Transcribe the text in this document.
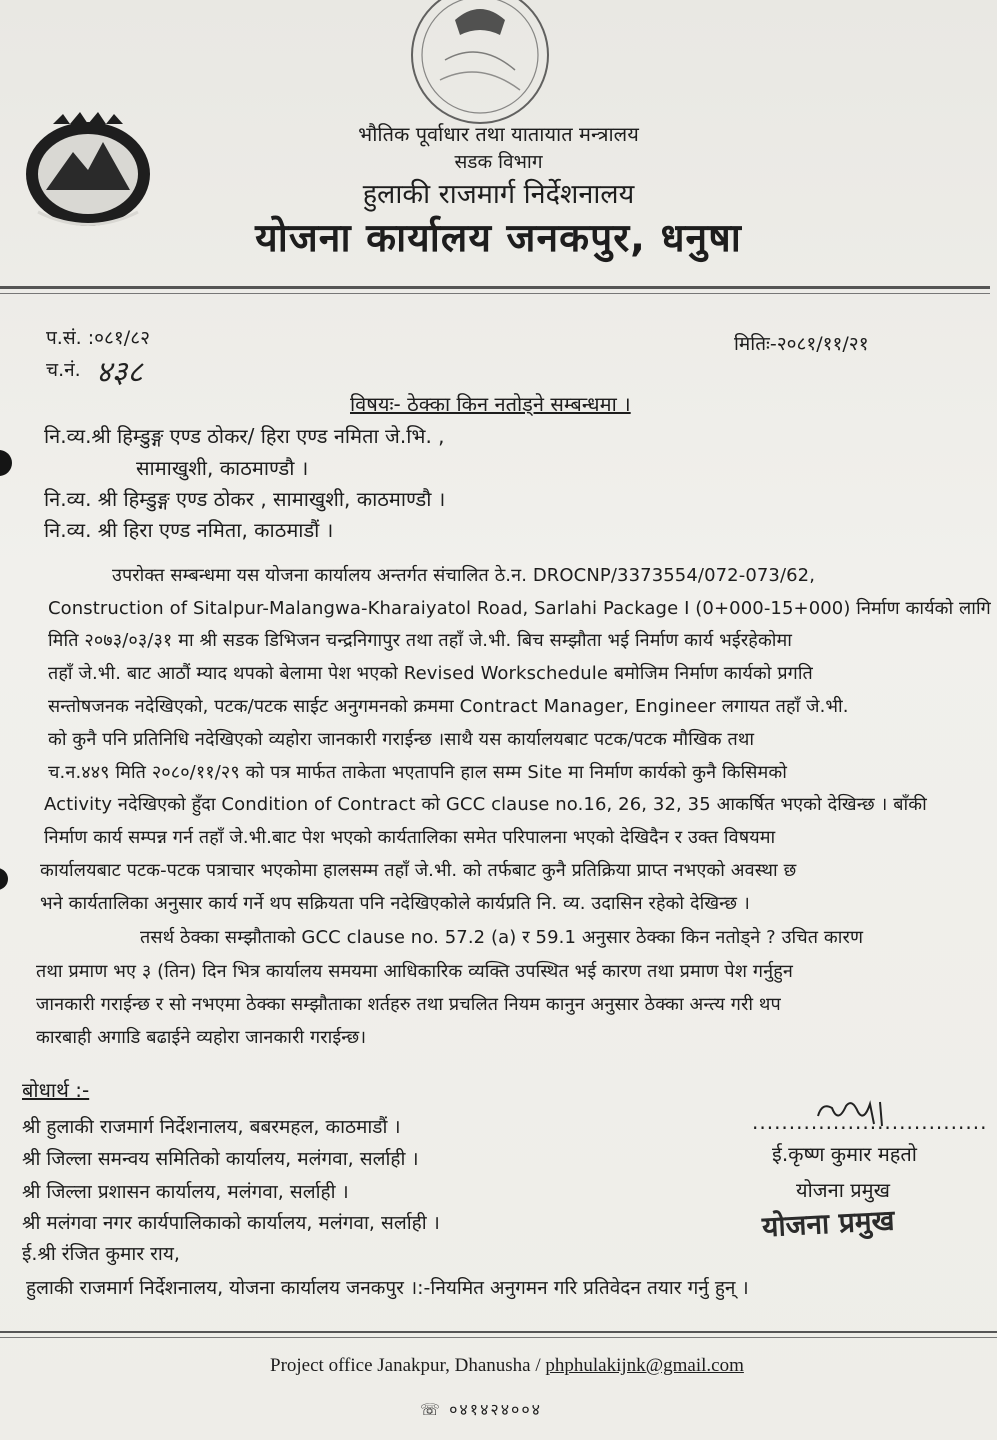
भौतिक पूर्वाधार तथा यातायात मन्त्रालय
सडक विभाग
हुलाकी राजमार्ग निर्देशनालय
योजना कार्यालय जनकपुर, धनुषा
प.सं. :०८१/८२
च.नं. ४३८
मितिः-२०८१/११/२१
विषयः- ठेक्का किन नतोड्ने सम्बन्धमा ।
नि.व्य.श्री हिम्डुङ्ग एण्ड ठोकर/ हिरा एण्ड नमिता जे.भि. ,
सामाखुशी, काठमाण्डौ ।
नि.व्य. श्री हिम्डुङ्ग एण्ड ठोकर , सामाखुशी, काठमाण्डौ ।
नि.व्य. श्री हिरा एण्ड नमिता, काठमाडौं ।
उपरोक्त सम्बन्धमा यस योजना कार्यालय अन्तर्गत संचालित ठे.न. DROCNP/3373554/072-073/62,
Construction of Sitalpur-Malangwa-Kharaiyatol Road, Sarlahi Package I (0+000-15+000) निर्माण कार्यको लागि
मिति २०७३/०३/३१ मा श्री सडक डिभिजन चन्द्रनिगापुर तथा तहाँ जे.भी. बिच सम्झौता भई निर्माण कार्य भईरहेकोमा
तहाँ जे.भी. बाट आठौं म्याद थपको बेलामा पेश भएको Revised Workschedule बमोजिम निर्माण कार्यको प्रगति
सन्तोषजनक नदेखिएको, पटक/पटक साईट अनुगमनको क्रममा Contract Manager, Engineer लगायत तहाँ जे.भी.
को कुनै पनि प्रतिनिधि नदेखिएको व्यहोरा जानकारी गराईन्छ ।साथै यस कार्यालयबाट पटक/पटक मौखिक तथा
च.न.४४९ मिति २०८०/११/२९ को पत्र मार्फत ताकेता भएतापनि हाल सम्म Site मा निर्माण कार्यको कुनै किसिमको
Activity नदेखिएको हुँदा Condition of Contract को GCC clause no.16, 26, 32, 35 आकर्षित भएको देखिन्छ । बाँकी
निर्माण कार्य सम्पन्न गर्न तहाँ जे.भी.बाट पेश भएको कार्यतालिका समेत परिपालना भएको देखिदैन र उक्त विषयमा
कार्यालयबाट पटक-पटक पत्राचार भएकोमा हालसम्म तहाँ जे.भी. को तर्फबाट कुनै प्रतिक्रिया प्राप्त नभएको अवस्था छ
भने कार्यतालिका अनुसार कार्य गर्ने थप सक्रियता पनि नदेखिएकोले कार्यप्रति नि. व्य. उदासिन रहेको देखिन्छ ।
तसर्थ ठेक्का सम्झौताको GCC clause no. 57.2 (a) र 59.1 अनुसार ठेक्का किन नतोड्ने ? उचित कारण
तथा प्रमाण भए ३ (तिन) दिन भित्र कार्यालय समयमा आधिकारिक व्यक्ति उपस्थित भई कारण तथा प्रमाण पेश गर्नुहुन
जानकारी गराईन्छ र सो नभएमा ठेक्का सम्झौताका शर्तहरु तथा प्रचलित नियम कानुन अनुसार ठेक्का अन्त्य गरी थप
कारबाही अगाडि बढाईने व्यहोरा जानकारी गराईन्छ।
बोधार्थ :-
श्री हुलाकी राजमार्ग निर्देशनालय, बबरमहल, काठमाडौं ।
श्री जिल्ला समन्वय समितिको कार्यालय, मलंगवा, सर्लाही ।
श्री जिल्ला प्रशासन कार्यालय, मलंगवा, सर्लाही ।
श्री मलंगवा नगर कार्यपालिकाको कार्यालय, मलंगवा, सर्लाही ।
ई.श्री रंजित कुमार राय,
हुलाकी राजमार्ग निर्देशनालय, योजना कार्यालय जनकपुर ।:-नियमित अनुगमन गरि प्रतिवेदन तयार गर्नु हुन् ।
................................
ई.कृष्ण कुमार महतो
योजना प्रमुख
योजना प्रमुख
Project office Janakpur, Dhanusha / phphulakijnk@gmail.com
☏ ०४१४२४००४
